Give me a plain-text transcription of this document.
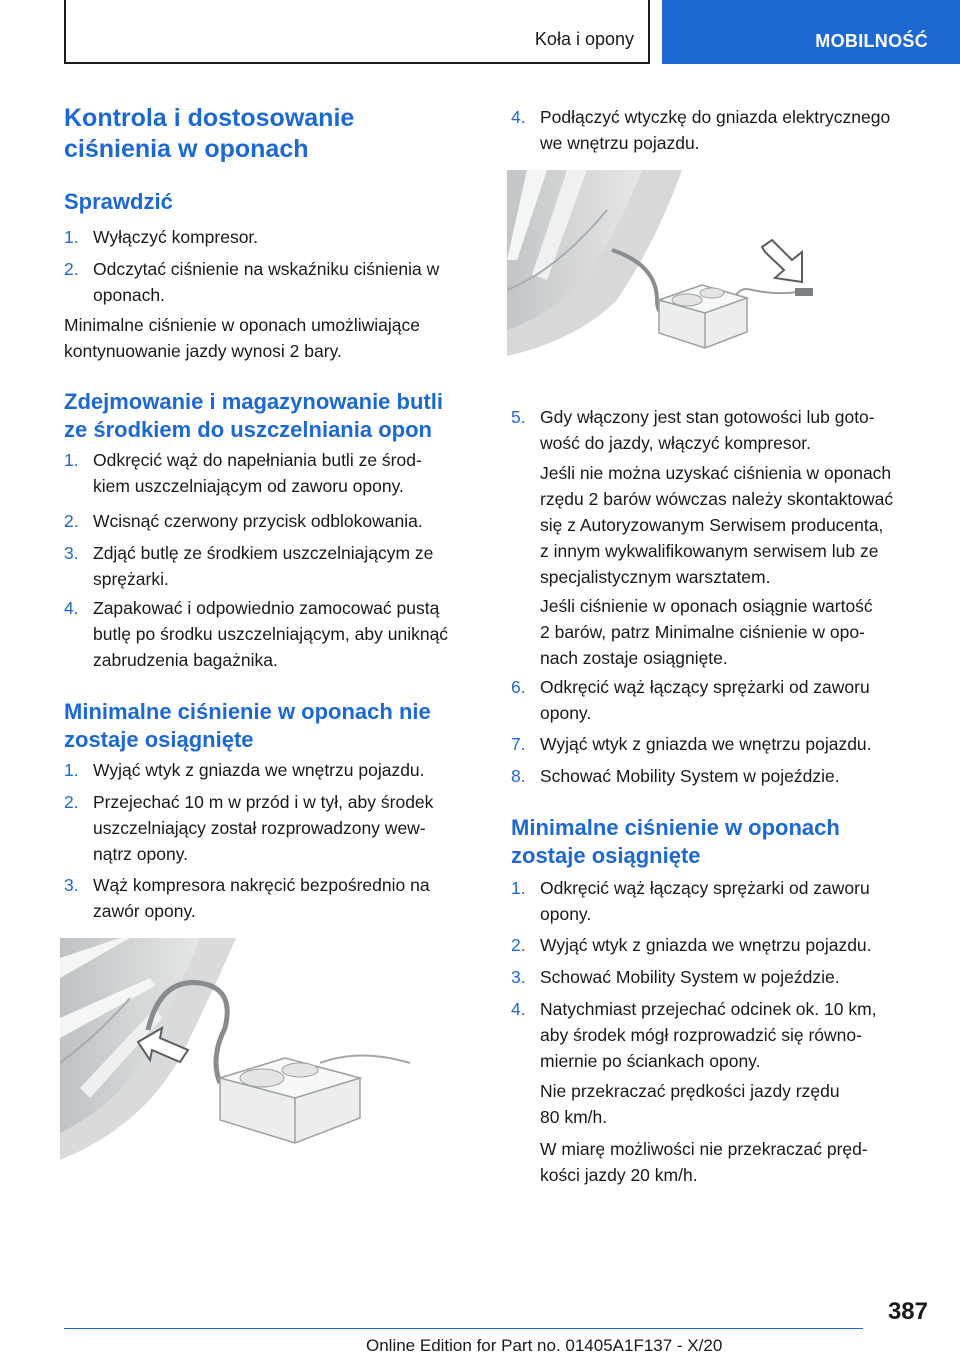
Koła i opony	MOBILNOŚĆ
Kontrola i dostosowanie
ciśnienia w oponach
Sprawdzić
1. Wyłączyć kompresor.
2. Odczytać ciśnienie na wskaźniku ciśnienia w
oponach.
Minimalne ciśnienie w oponach umożliwiające
kontynuowanie jazdy wynosi 2 bary.
Zdejmowanie i magazynowanie butli
ze środkiem do uszczelniania opon
1. Odkręcić wąż do napełniania butli ze środ-
kiem uszczelniającym od zaworu opony.
2. Wcisnąć czerwony przycisk odblokowania.
3. Zdjąć butlę ze środkiem uszczelniającym ze
sprężarki.
4. Zapakować i odpowiednio zamocować pustą
butlę po środku uszczelniającym, aby uniknąć
zabrudzenia bagażnika.
Minimalne ciśnienie w oponach nie
zostaje osiągnięte
1. Wyjąć wtyk z gniazda we wnętrzu pojazdu.
2. Przejechać 10 m w przód i w tył, aby środek
uszczelniający został rozprowadzony wew-
nątrz opony.
3. Wąż kompresora nakręcić bezpośrednio na
zawór opony.
4. Podłączyć wtyczkę do gniazda elektrycznego
we wnętrzu pojazdu.
5. Gdy włączony jest stan gotowości lub goto-
wość do jazdy, włączyć kompresor.
Jeśli nie można uzyskać ciśnienia w oponach
rzędu 2 barów wówczas należy skontaktować
się z Autoryzowanym Serwisem producenta,
z innym wykwalifikowanym serwisem lub ze
specjalistycznym warsztatem.
Jeśli ciśnienie w oponach osiągnie wartość
2 barów, patrz Minimalne ciśnienie w opo-
nach zostaje osiągnięte.
6. Odkręcić wąż łączący sprężarki od zaworu
opony.
7. Wyjąć wtyk z gniazda we wnętrzu pojazdu.
8. Schować Mobility System w pojeździe.
Minimalne ciśnienie w oponach
zostaje osiągnięte
1. Odkręcić wąż łączący sprężarki od zaworu
opony.
2. Wyjąć wtyk z gniazda we wnętrzu pojazdu.
3. Schować Mobility System w pojeździe.
4. Natychmiast przejechać odcinek ok. 10 km,
aby środek mógł rozprowadzić się równo-
miernie po ściankach opony.
Nie przekraczać prędkości jazdy rzędu
80 km/h.
W miarę możliwości nie przekraczać pręd-
kości jazdy 20 km/h.
387
Online Edition for Part no. 01405A1F137 - X/20
